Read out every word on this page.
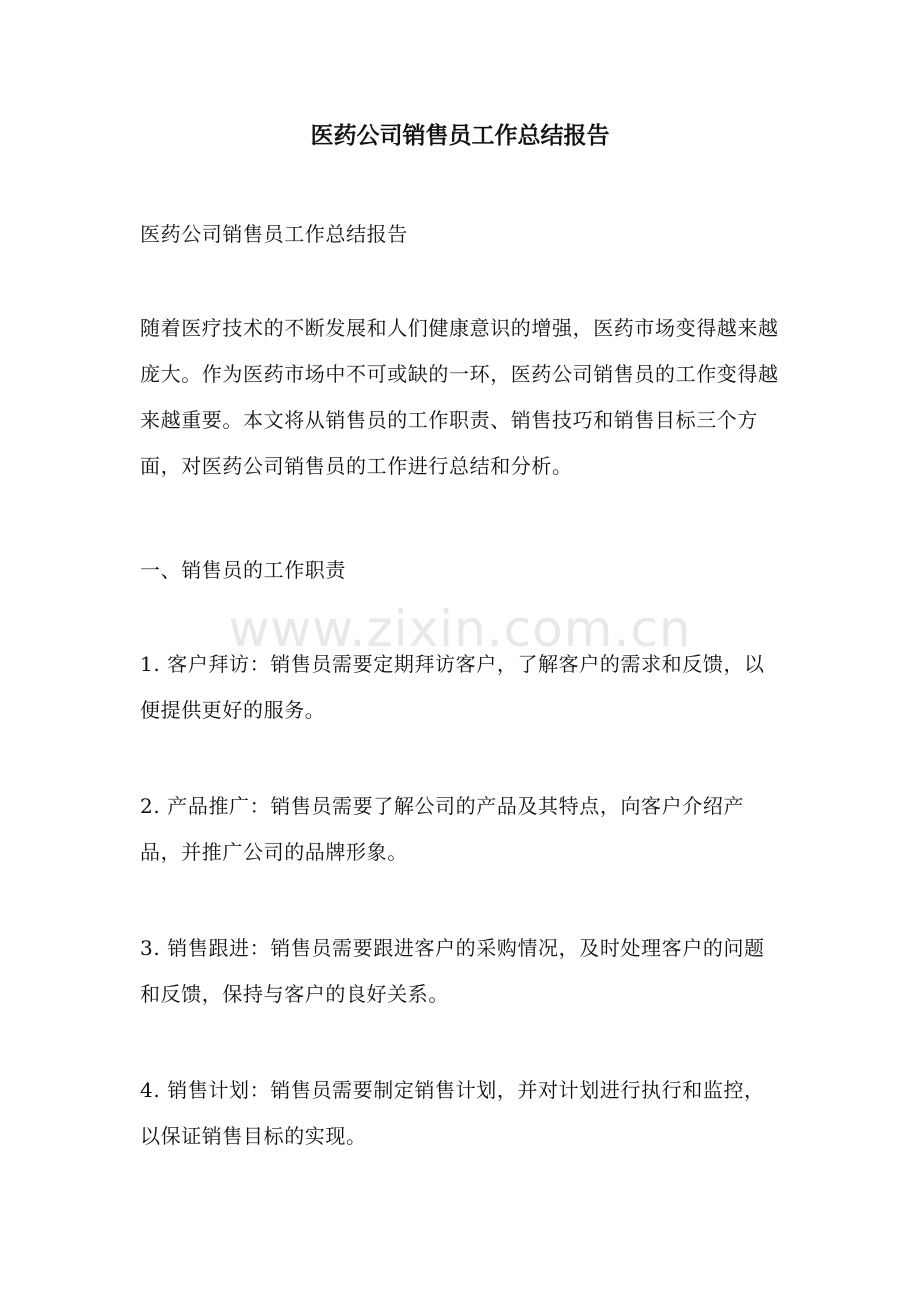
医药公司销售员工作总结报告

医药公司销售员工作总结报告

随着医疗技术的不断发展和人们健康意识的增强，医药市场变得越来越庞大。作为医药市场中不可或缺的一环，医药公司销售员的工作变得越来越重要。本文将从销售员的工作职责、销售技巧和销售目标三个方面，对医药公司销售员的工作进行总结和分析。

一、销售员的工作职责

1. 客户拜访：销售员需要定期拜访客户，了解客户的需求和反馈，以便提供更好的服务。

2. 产品推广：销售员需要了解公司的产品及其特点，向客户介绍产品，并推广公司的品牌形象。

3. 销售跟进：销售员需要跟进客户的采购情况，及时处理客户的问题和反馈，保持与客户的良好关系。

4. 销售计划：销售员需要制定销售计划，并对计划进行执行和监控，以保证销售目标的实现。

www.zixin.com.cn
